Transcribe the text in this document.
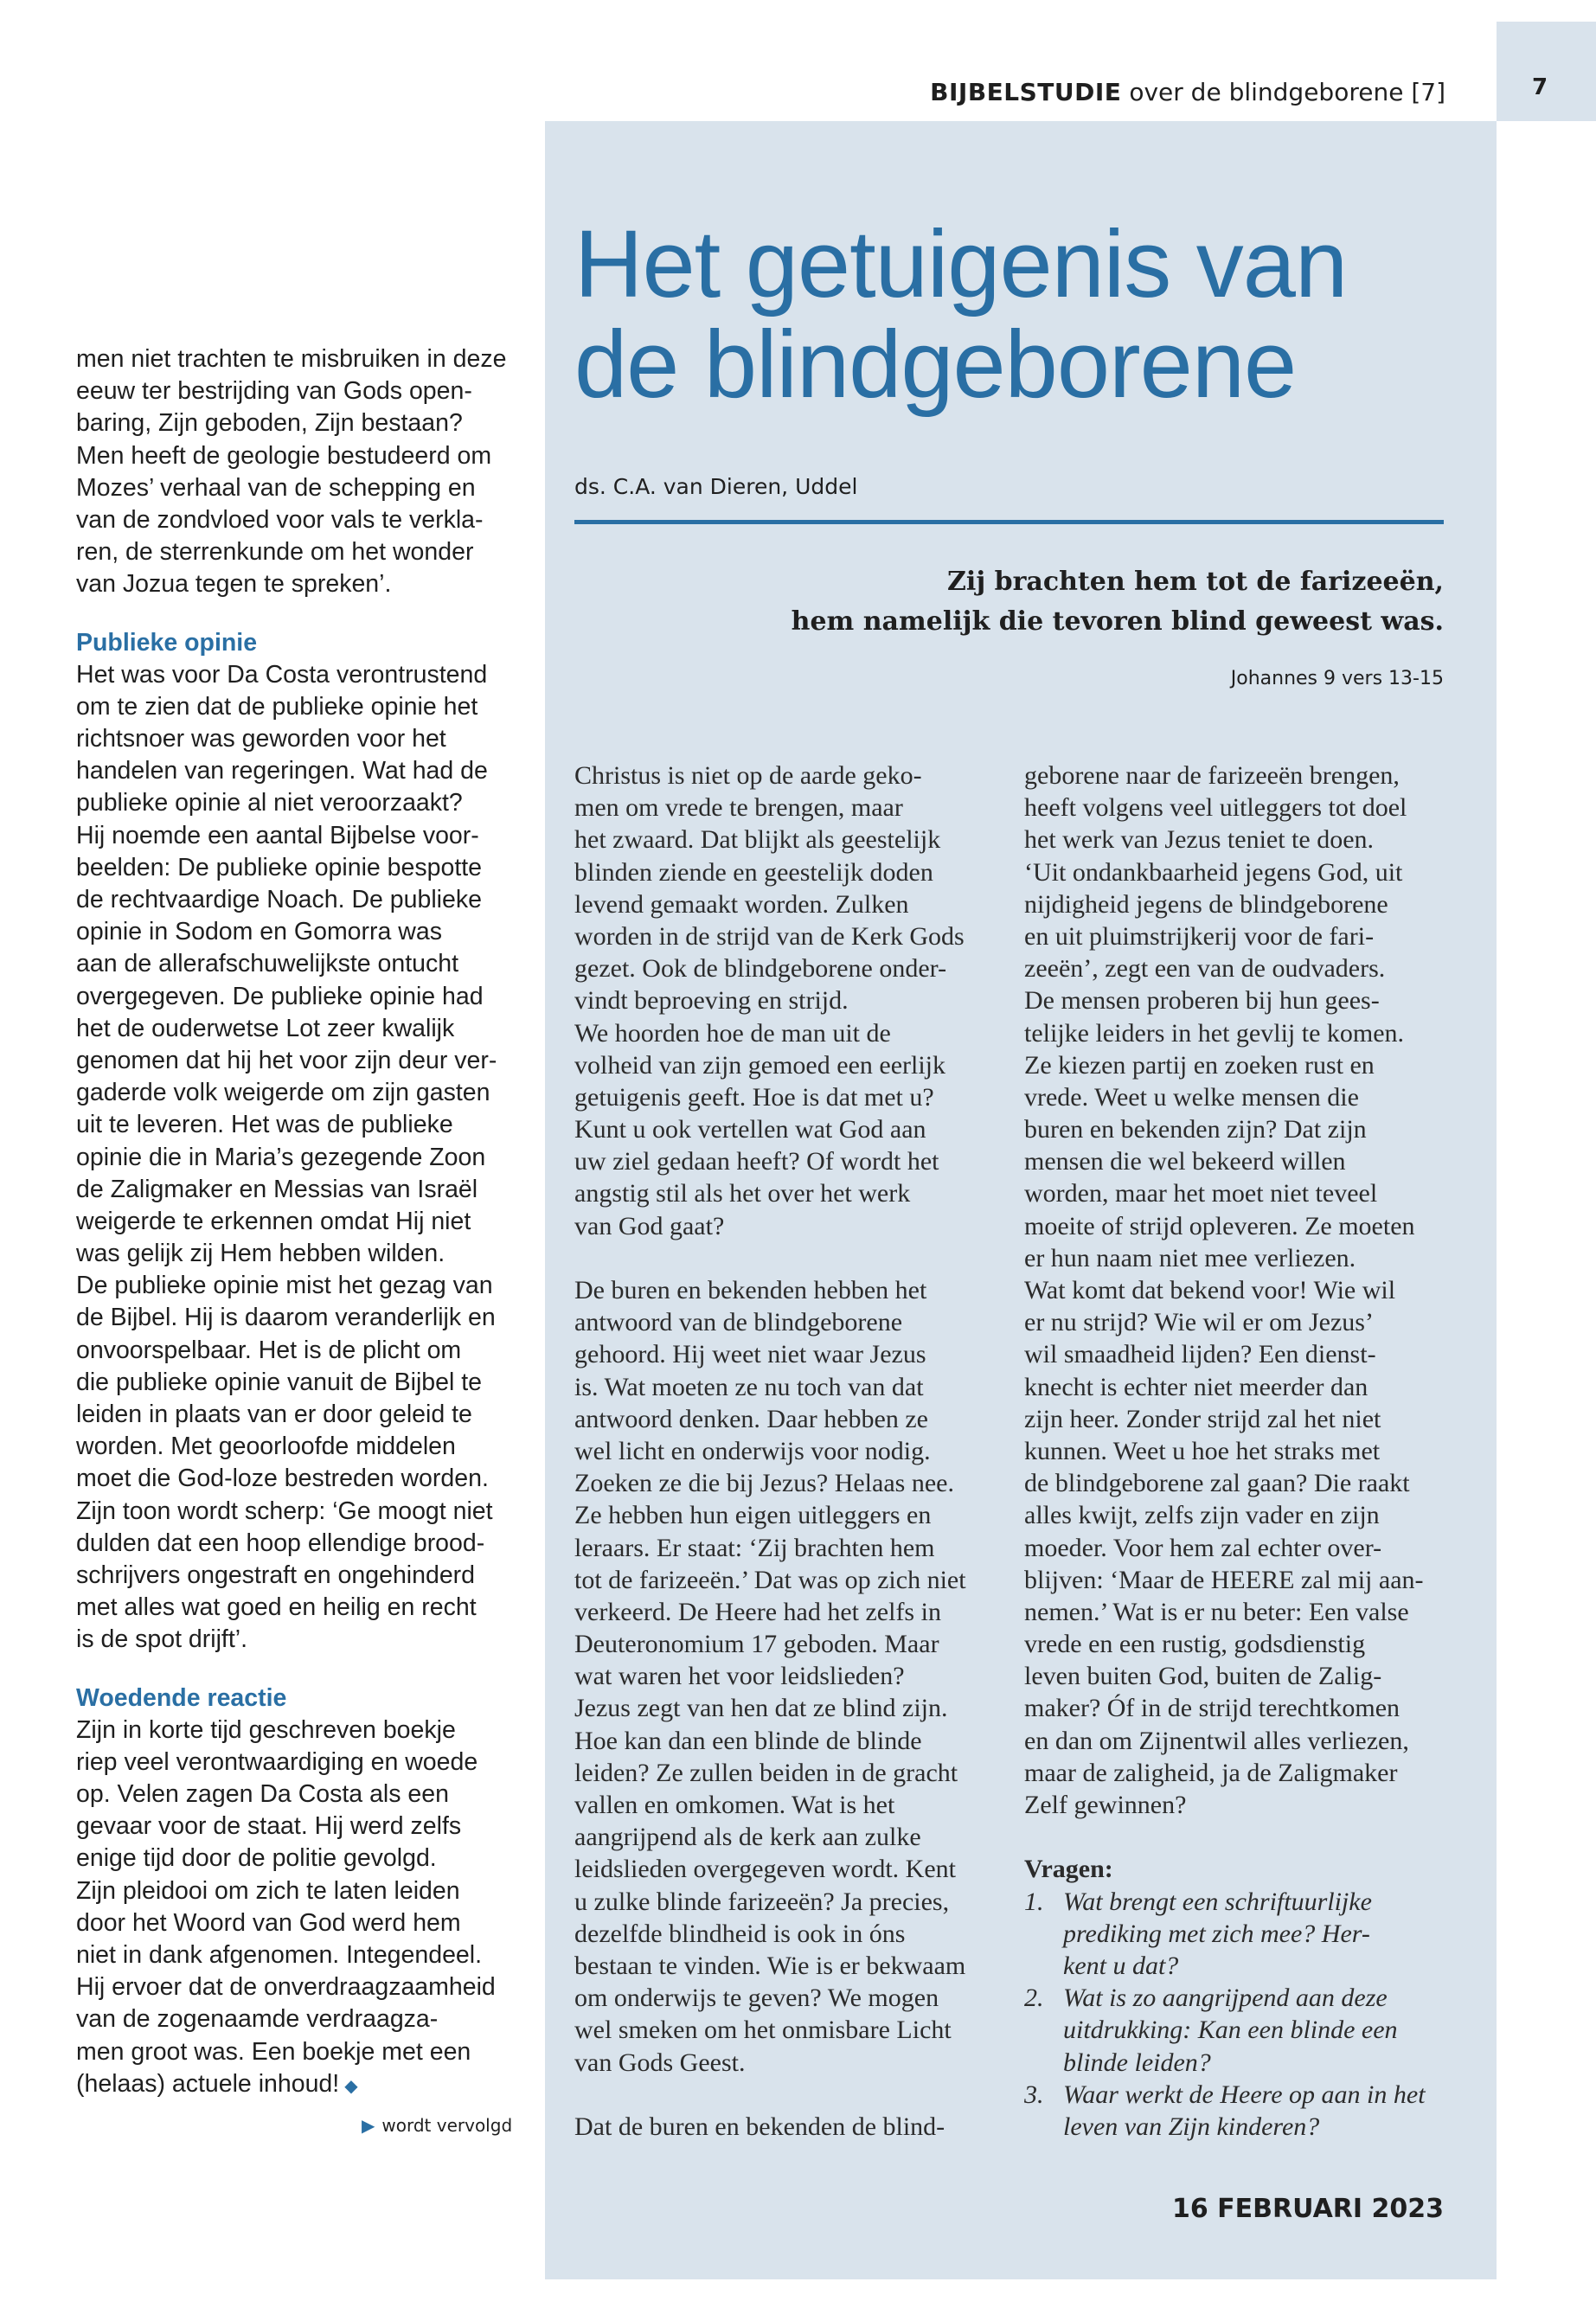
7
BIJBELSTUDIE over de blindgeborene [7]
Het getuigenis van
de blindgeborene
ds. C.A. van Dieren, Uddel
Zij brachten hem tot de farizeeën,
hem namelijk die tevoren blind geweest was.
Johannes 9 vers 13-15
men niet trachten te misbruiken in deze
eeuw ter bestrijding van Gods open-
baring, Zijn geboden, Zijn bestaan?
Men heeft de geologie bestudeerd om
Mozes’ verhaal van de schepping en
van de zondvloed voor vals te verkla-
ren, de sterrenkunde om het wonder
van Jozua tegen te spreken’.
Publieke opinie
Het was voor Da Costa verontrustend
om te zien dat de publieke opinie het
richtsnoer was geworden voor het
handelen van regeringen. Wat had de
publieke opinie al niet veroorzaakt?
Hij noemde een aantal Bijbelse voor-
beelden: De publieke opinie bespotte
de rechtvaardige Noach. De publieke
opinie in Sodom en Gomorra was
aan de allerafschuwelijkste ontucht
overgegeven. De publieke opinie had
het de ouderwetse Lot zeer kwalijk
genomen dat hij het voor zijn deur ver-
gaderde volk weigerde om zijn gasten
uit te leveren. Het was de publieke
opinie die in Maria’s gezegende Zoon
de Zaligmaker en Messias van Israël
weigerde te erkennen omdat Hij niet
was gelijk zij Hem hebben wilden.
De publieke opinie mist het gezag van
de Bijbel. Hij is daarom veranderlijk en
onvoorspelbaar. Het is de plicht om
die publieke opinie vanuit de Bijbel te
leiden in plaats van er door geleid te
worden. Met geoorloofde middelen
moet die God-loze bestreden worden.
Zijn toon wordt scherp: ‘Ge moogt niet
dulden dat een hoop ellendige brood-
schrijvers ongestraft en ongehinderd
met alles wat goed en heilig en recht
is de spot drijft’.
Woedende reactie
Zijn in korte tijd geschreven boekje
riep veel verontwaardiging en woede
op. Velen zagen Da Costa als een
gevaar voor de staat. Hij werd zelfs
enige tijd door de politie gevolgd.
Zijn pleidooi om zich te laten leiden
door het Woord van God werd hem
niet in dank afgenomen. Integendeel.
Hij ervoer dat de onverdraagzaamheid
van de zogenaamde verdraagza-
men groot was. Een boekje met een
(helaas) actuele inhoud! ◆
▶ wordt vervolgd
Christus is niet op de aarde geko-
men om vrede te brengen, maar
het zwaard. Dat blijkt als geestelijk
blinden ziende en geestelijk doden
levend gemaakt worden. Zulken
worden in de strijd van de Kerk Gods
gezet. Ook de blindgeborene onder-
vindt beproeving en strijd.
We hoorden hoe de man uit de
volheid van zijn gemoed een eerlijk
getuigenis geeft. Hoe is dat met u?
Kunt u ook vertellen wat God aan
uw ziel gedaan heeft? Of wordt het
angstig stil als het over het werk
van God gaat?
De buren en bekenden hebben het
antwoord van de blindgeborene
gehoord. Hij weet niet waar Jezus
is. Wat moeten ze nu toch van dat
antwoord denken. Daar hebben ze
wel licht en onderwijs voor nodig.
Zoeken ze die bij Jezus? Helaas nee.
Ze hebben hun eigen uitleggers en
leraars. Er staat: ‘Zij brachten hem
tot de farizeeën.’ Dat was op zich niet
verkeerd. De Heere had het zelfs in
Deuteronomium 17 geboden. Maar
wat waren het voor leidslieden?
Jezus zegt van hen dat ze blind zijn.
Hoe kan dan een blinde de blinde
leiden? Ze zullen beiden in de gracht
vallen en omkomen. Wat is het
aangrijpend als de kerk aan zulke
leidslieden overgegeven wordt. Kent
u zulke blinde farizeeën? Ja precies,
dezelfde blindheid is ook in óns
bestaan te vinden. Wie is er bekwaam
om onderwijs te geven? We mogen
wel smeken om het onmisbare Licht
van Gods Geest.
Dat de buren en bekenden de blind-
geborene naar de farizeeën brengen,
heeft volgens veel uitleggers tot doel
het werk van Jezus teniet te doen.
‘Uit ondankbaarheid jegens God, uit
nijdigheid jegens de blindgeborene
en uit pluimstrijkerij voor de fari-
zeeën’, zegt een van de oudvaders.
De mensen proberen bij hun gees-
telijke leiders in het gevlij te komen.
Ze kiezen partij en zoeken rust en
vrede. Weet u welke mensen die
buren en bekenden zijn? Dat zijn
mensen die wel bekeerd willen
worden, maar het moet niet teveel
moeite of strijd opleveren. Ze moeten
er hun naam niet mee verliezen.
Wat komt dat bekend voor! Wie wil
er nu strijd? Wie wil er om Jezus’
wil smaadheid lijden? Een dienst-
knecht is echter niet meerder dan
zijn heer. Zonder strijd zal het niet
kunnen. Weet u hoe het straks met
de blindgeborene zal gaan? Die raakt
alles kwijt, zelfs zijn vader en zijn
moeder. Voor hem zal echter over-
blijven: ‘Maar de HEERE zal mij aan-
nemen.’ Wat is er nu beter: Een valse
vrede en een rustig, godsdienstig
leven buiten God, buiten de Zalig-
maker? Óf in de strijd terechtkomen
en dan om Zijnentwil alles verliezen,
maar de zaligheid, ja de Zaligmaker
Zelf gewinnen?
Vragen:
1. Wat brengt een schriftuurlijke
prediking met zich mee? Her-
kent u dat?
2. Wat is zo aangrijpend aan deze
uitdrukking: Kan een blinde een
blinde leiden?
3. Waar werkt de Heere op aan in het
leven van Zijn kinderen?
16 FEBRUARI 2023
